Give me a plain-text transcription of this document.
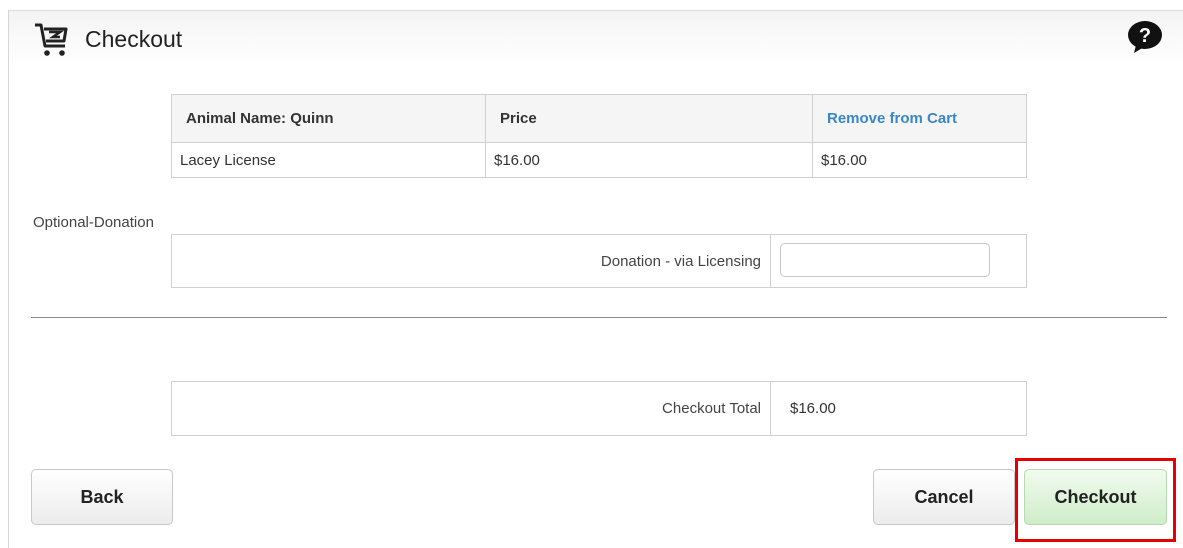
Checkout	?
Animal Name: Quinn	Price	Remove from Cart
Lacey License	$16.00	$16.00
Optional-Donation
Donation - via Licensing
Checkout Total $16.00
Back	Cancel	Checkout
